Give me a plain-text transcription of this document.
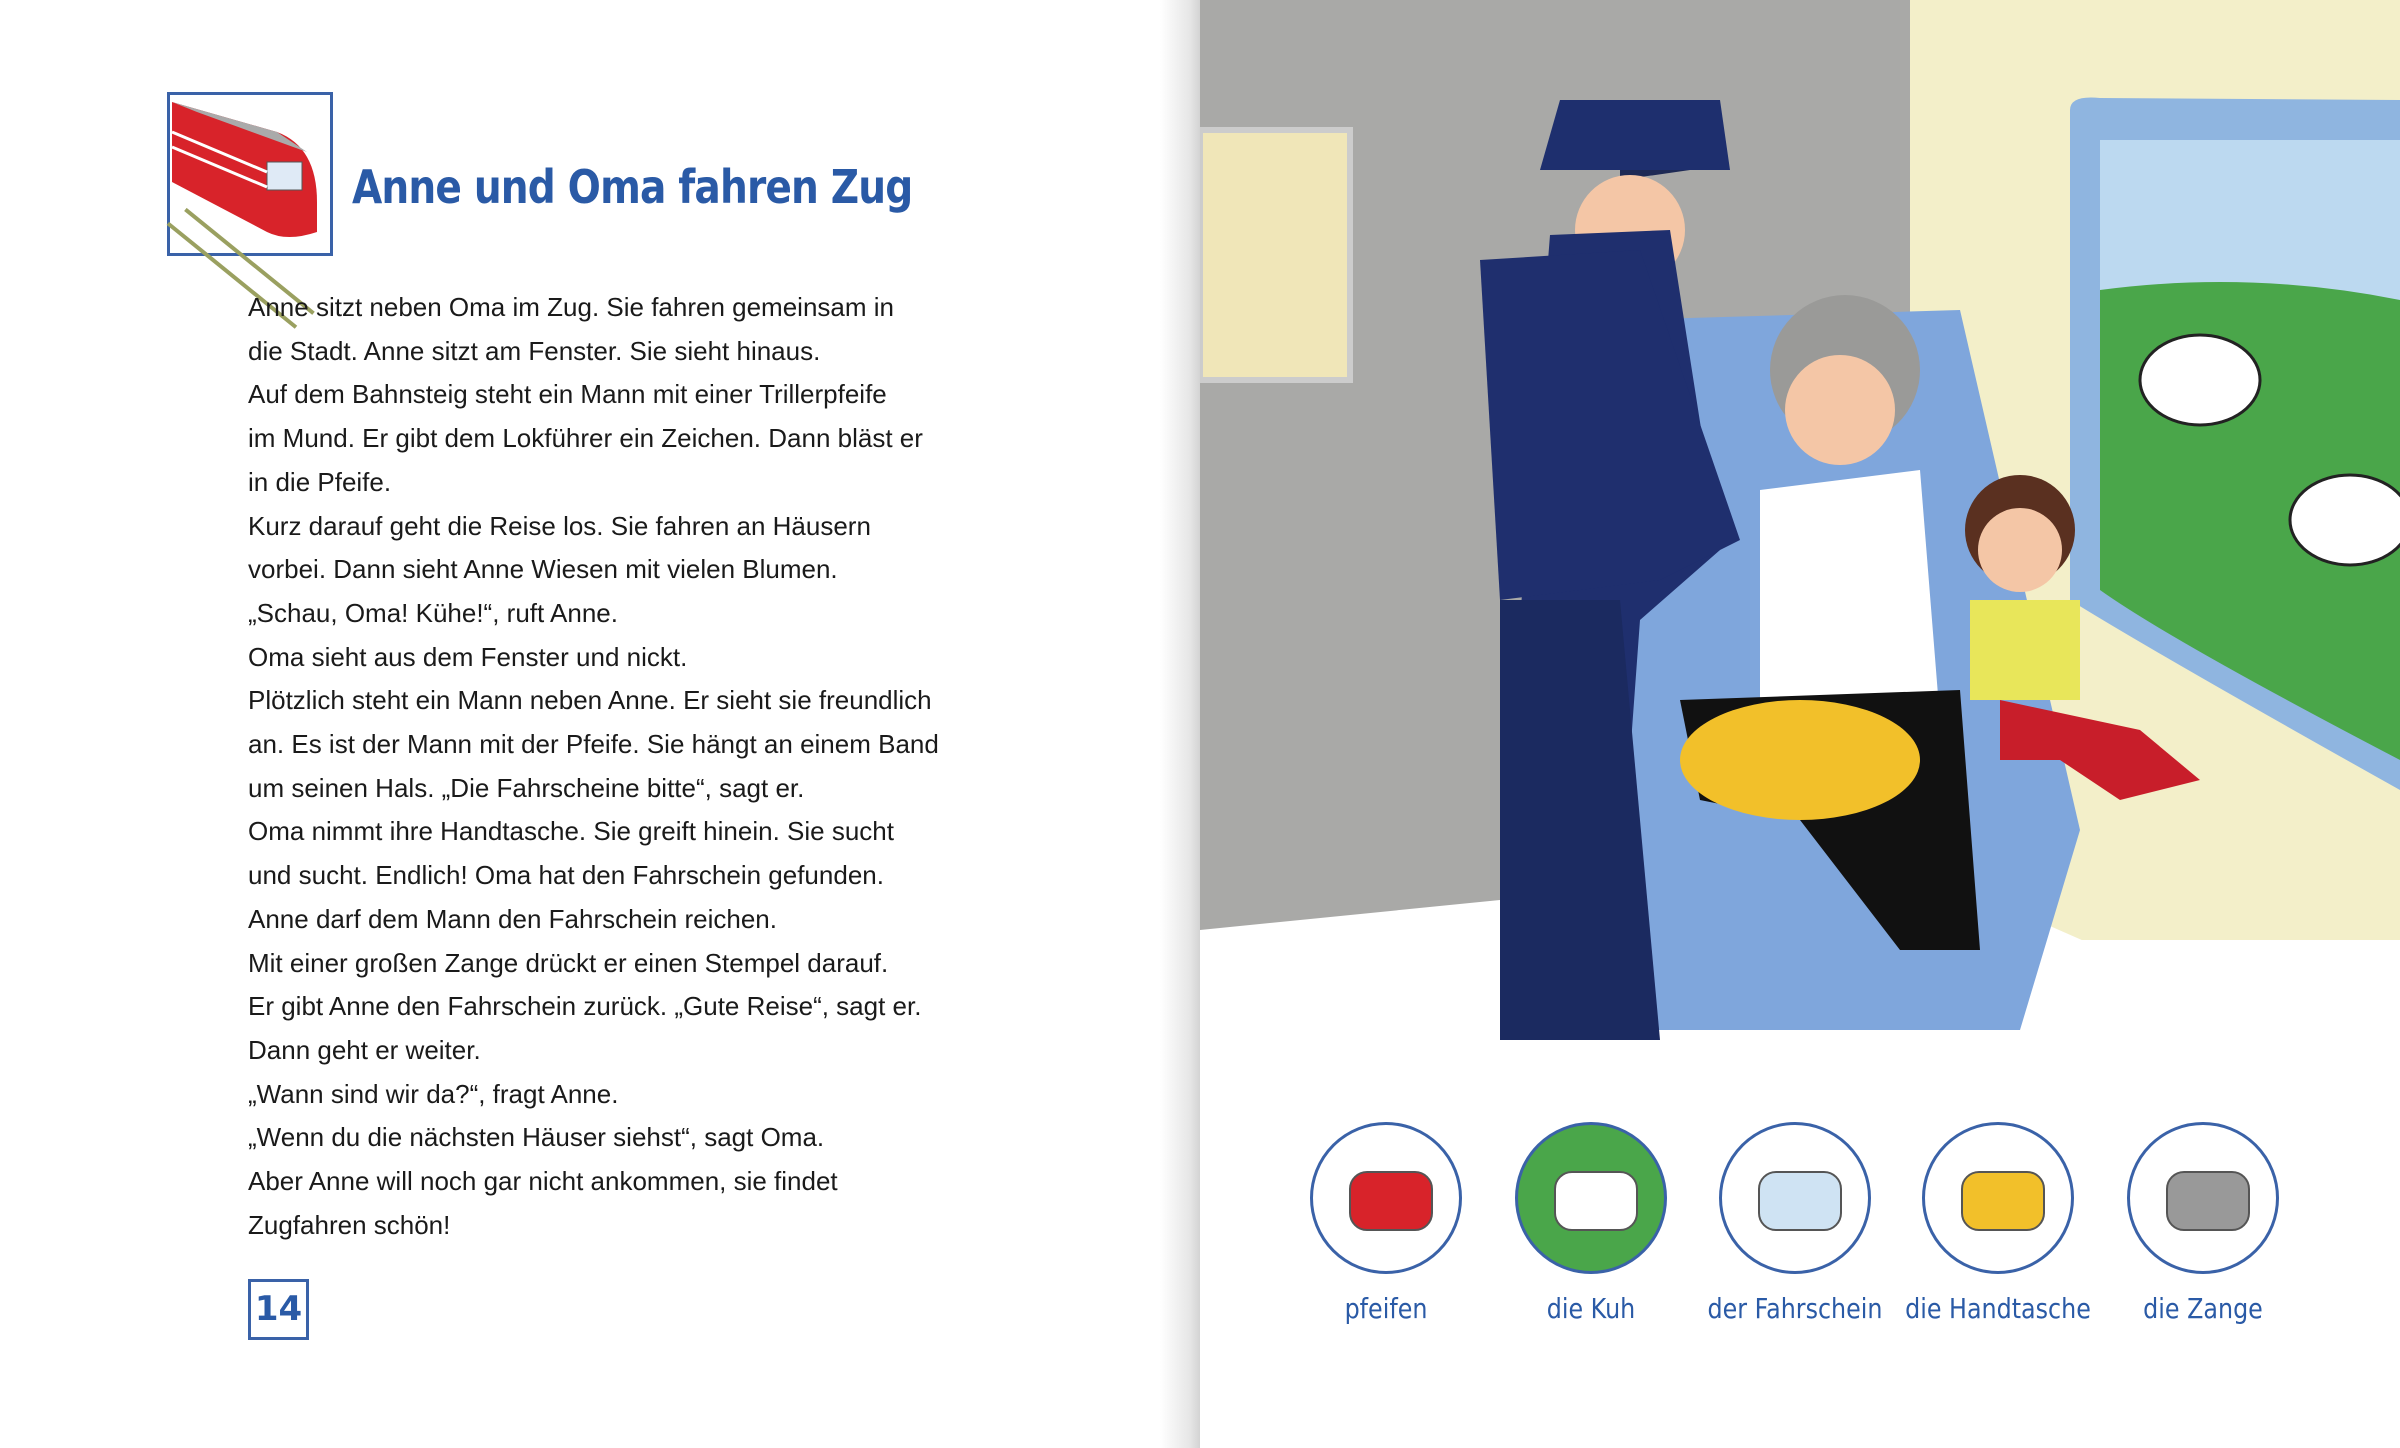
Anne und Oma fahren Zug
Anne sitzt neben Oma im Zug. Sie fahren gemeinsam in
die Stadt. Anne sitzt am Fenster. Sie sieht hinaus.
Auf dem Bahnsteig steht ein Mann mit einer Trillerpfeife
im Mund. Er gibt dem Lokführer ein Zeichen. Dann bläst er
in die Pfeife.
Kurz darauf geht die Reise los. Sie fahren an Häusern
vorbei. Dann sieht Anne Wiesen mit vielen Blumen.
„Schau, Oma! Kühe!“, ruft Anne.
Oma sieht aus dem Fenster und nickt.
Plötzlich steht ein Mann neben Anne. Er sieht sie freundlich
an. Es ist der Mann mit der Pfeife. Sie hängt an einem Band
um seinen Hals. „Die Fahrscheine bitte“, sagt er.
Oma nimmt ihre Handtasche. Sie greift hinein. Sie sucht
und sucht. Endlich! Oma hat den Fahrschein gefunden.
Anne darf dem Mann den Fahrschein reichen.
Mit einer großen Zange drückt er einen Stempel darauf.
Er gibt Anne den Fahrschein zurück. „Gute Reise“, sagt er.
Dann geht er weiter.
„Wann sind wir da?“, fragt Anne.
„Wenn du die nächsten Häuser siehst“, sagt Oma.
Aber Anne will noch gar nicht ankommen, sie findet
Zugfahren schön!
14	pfeifen	die Kuh	der Fahrschein die Handtasche	die Zange
